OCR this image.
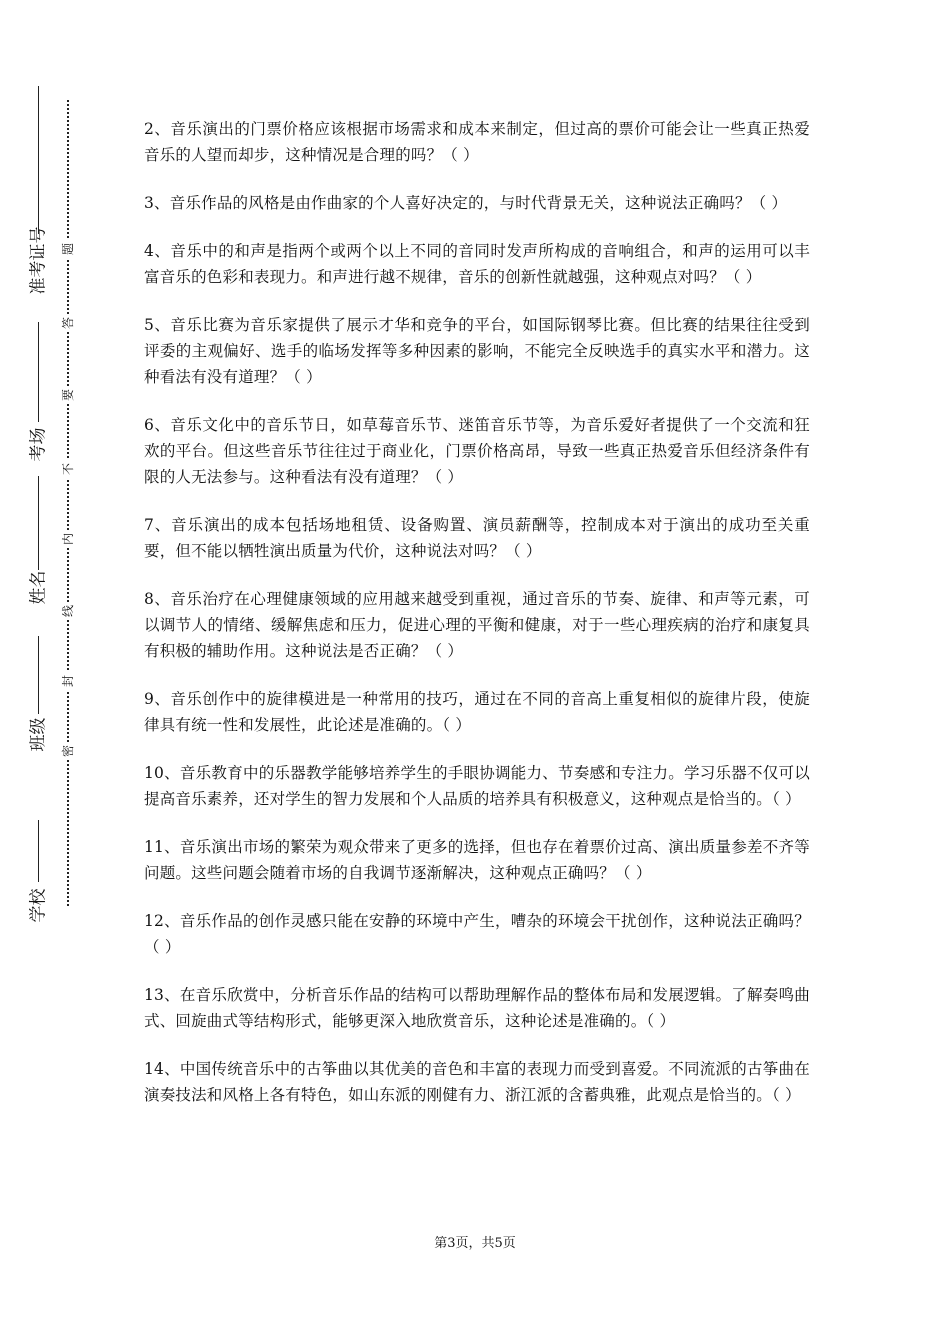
学校
班级
姓名
考场
准考证号
密
封
线
内
不
要
答
题

2、音乐演出的门票价格应该根据市场需求和成本来制定，但过高的票价可能会让一些真正热爱音乐的人望而却步，这种情况是合理的吗？（ ）

3、音乐作品的风格是由作曲家的个人喜好决定的，与时代背景无关，这种说法正确吗？（ ）

4、音乐中的和声是指两个或两个以上不同的音同时发声所构成的音响组合，和声的运用可以丰富音乐的色彩和表现力。和声进行越不规律，音乐的创新性就越强，这种观点对吗？（ ）

5、音乐比赛为音乐家提供了展示才华和竞争的平台，如国际钢琴比赛。但比赛的结果往往受到评委的主观偏好、选手的临场发挥等多种因素的影响，不能完全反映选手的真实水平和潜力。这种看法有没有道理？（ ）

6、音乐文化中的音乐节日，如草莓音乐节、迷笛音乐节等，为音乐爱好者提供了一个交流和狂欢的平台。但这些音乐节往往过于商业化，门票价格高昂，导致一些真正热爱音乐但经济条件有限的人无法参与。这种看法有没有道理？（ ）

7、音乐演出的成本包括场地租赁、设备购置、演员薪酬等，控制成本对于演出的成功至关重要，但不能以牺牲演出质量为代价，这种说法对吗？（ ）

8、音乐治疗在心理健康领域的应用越来越受到重视，通过音乐的节奏、旋律、和声等元素，可以调节人的情绪、缓解焦虑和压力，促进心理的平衡和健康，对于一些心理疾病的治疗和康复具有积极的辅助作用。这种说法是否正确？（ ）

9、音乐创作中的旋律模进是一种常用的技巧，通过在不同的音高上重复相似的旋律片段，使旋律具有统一性和发展性，此论述是准确的。（ ）

10、音乐教育中的乐器教学能够培养学生的手眼协调能力、节奏感和专注力。学习乐器不仅可以提高音乐素养，还对学生的智力发展和个人品质的培养具有积极意义，这种观点是恰当的。（ ）

11、音乐演出市场的繁荣为观众带来了更多的选择，但也存在着票价过高、演出质量参差不齐等问题。这些问题会随着市场的自我调节逐渐解决，这种观点正确吗？（ ）

12、音乐作品的创作灵感只能在安静的环境中产生，嘈杂的环境会干扰创作，这种说法正确吗？（ ）

13、在音乐欣赏中，分析音乐作品的结构可以帮助理解作品的整体布局和发展逻辑。了解奏鸣曲式、回旋曲式等结构形式，能够更深入地欣赏音乐，这种论述是准确的。（ ）

14、中国传统音乐中的古筝曲以其优美的音色和丰富的表现力而受到喜爱。不同流派的古筝曲在演奏技法和风格上各有特色，如山东派的刚健有力、浙江派的含蓄典雅，此观点是恰当的。（ ）

第3页，共5页
